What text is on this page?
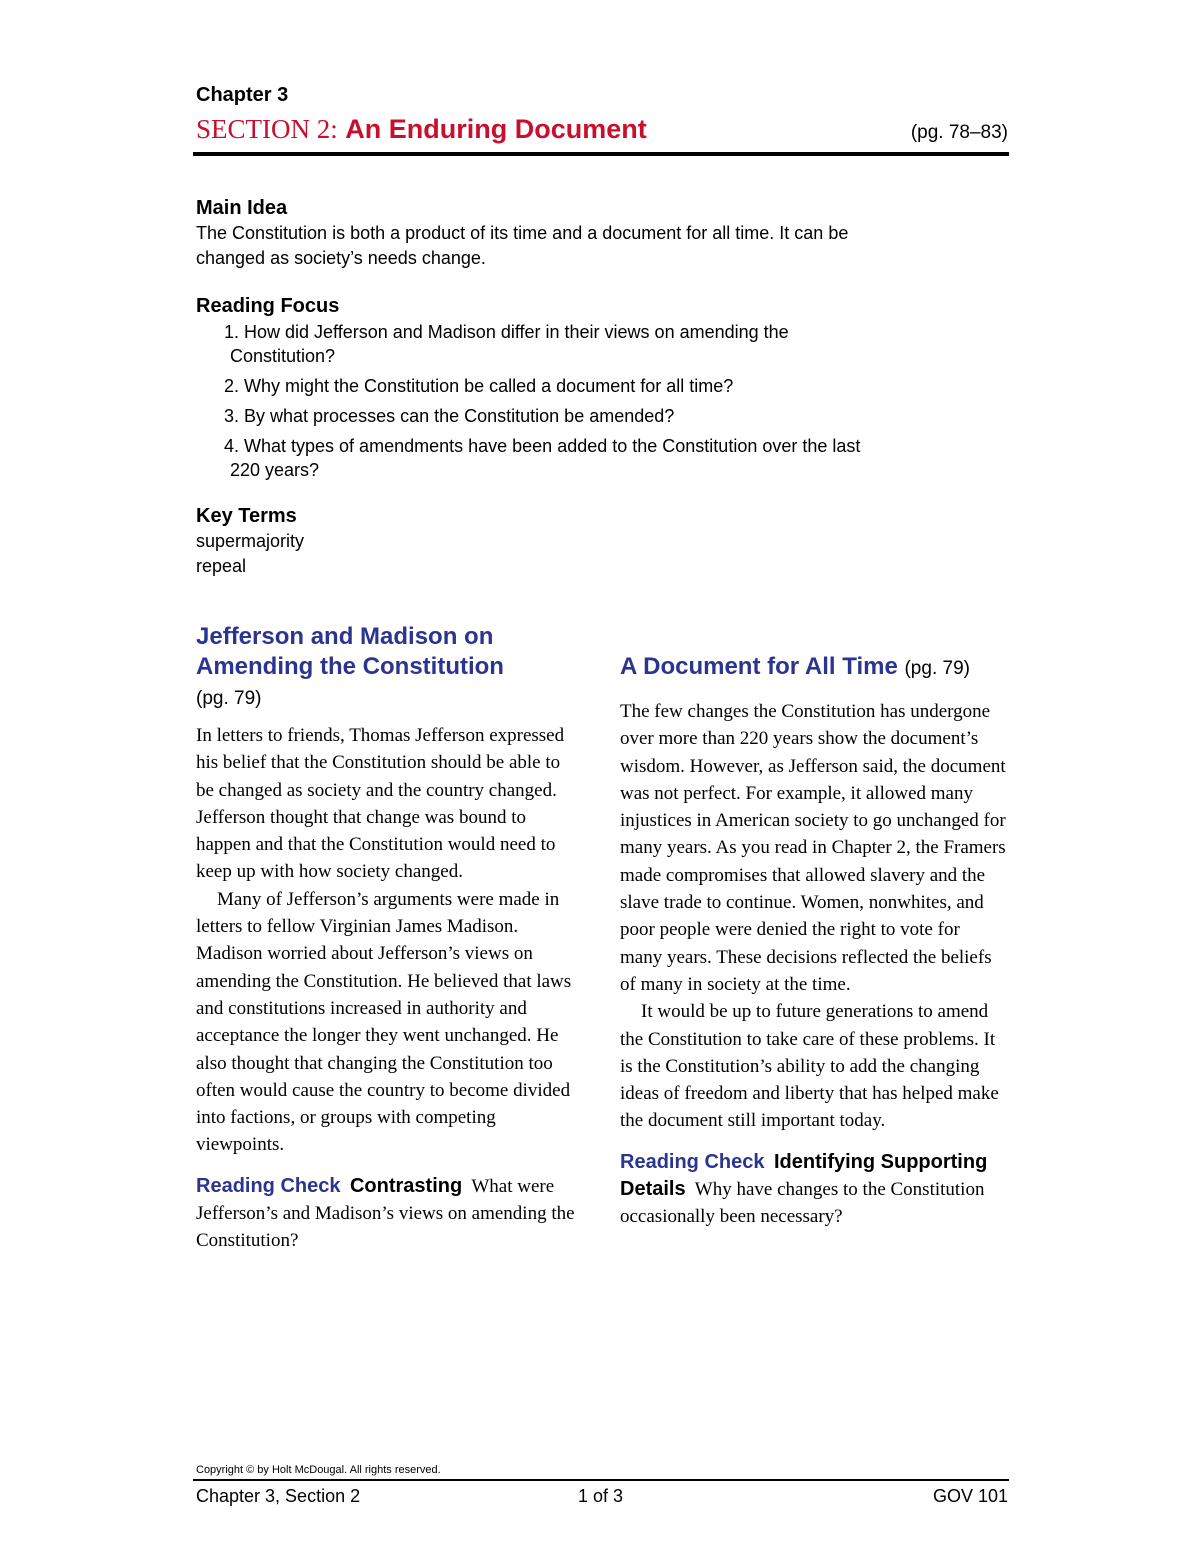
Chapter 3
SECTION 2: An Enduring Document	(pg. 78–83)
Main Idea
The Constitution is both a product of its time and a document for all time. It can be changed as society’s needs change.
Reading Focus
1. How did Jefferson and Madison differ in their views on amending the Constitution?
2. Why might the Constitution be called a document for all time?
3. By what processes can the Constitution be amended?
4. What types of amendments have been added to the Constitution over the last 220 years?
Key Terms
supermajority
repeal
Jefferson and Madison on Amending the Constitution
(pg. 79)

In letters to friends, Thomas Jefferson expressed his belief that the Constitution should be able to be changed as society and the country changed. Jefferson thought that change was bound to happen and that the Constitution would need to keep up with how society changed.

Many of Jefferson’s arguments were made in letters to fellow Virginian James Madison. Madison worried about Jefferson’s views on amending the Constitution. He believed that laws and constitutions increased in authority and acceptance the longer they went unchanged. He also thought that changing the Constitution too often would cause the country to become divided into factions, or groups with competing viewpoints.

Reading Check Contrasting What were Jefferson’s and Madison’s views on amending the Constitution?

A Document for All Time (pg. 79)

The few changes the Constitution has undergone over more than 220 years show the document’s wisdom. However, as Jefferson said, the document was not perfect. For example, it allowed many injustices in American society to go unchanged for many years. As you read in Chapter 2, the Framers made compromises that allowed slavery and the slave trade to continue. Women, nonwhites, and poor people were denied the right to vote for many years. These decisions reflected the beliefs of many in society at the time.

It would be up to future generations to amend the Constitution to take care of these problems. It is the Constitution’s ability to add the changing ideas of freedom and liberty that has helped make the document still important today.

Reading Check Identifying Supporting Details Why have changes to the Constitution occasionally been necessary?

Copyright © by Holt McDougal. All rights reserved.
Chapter 3, Section 2	1 of 3	GOV 101
